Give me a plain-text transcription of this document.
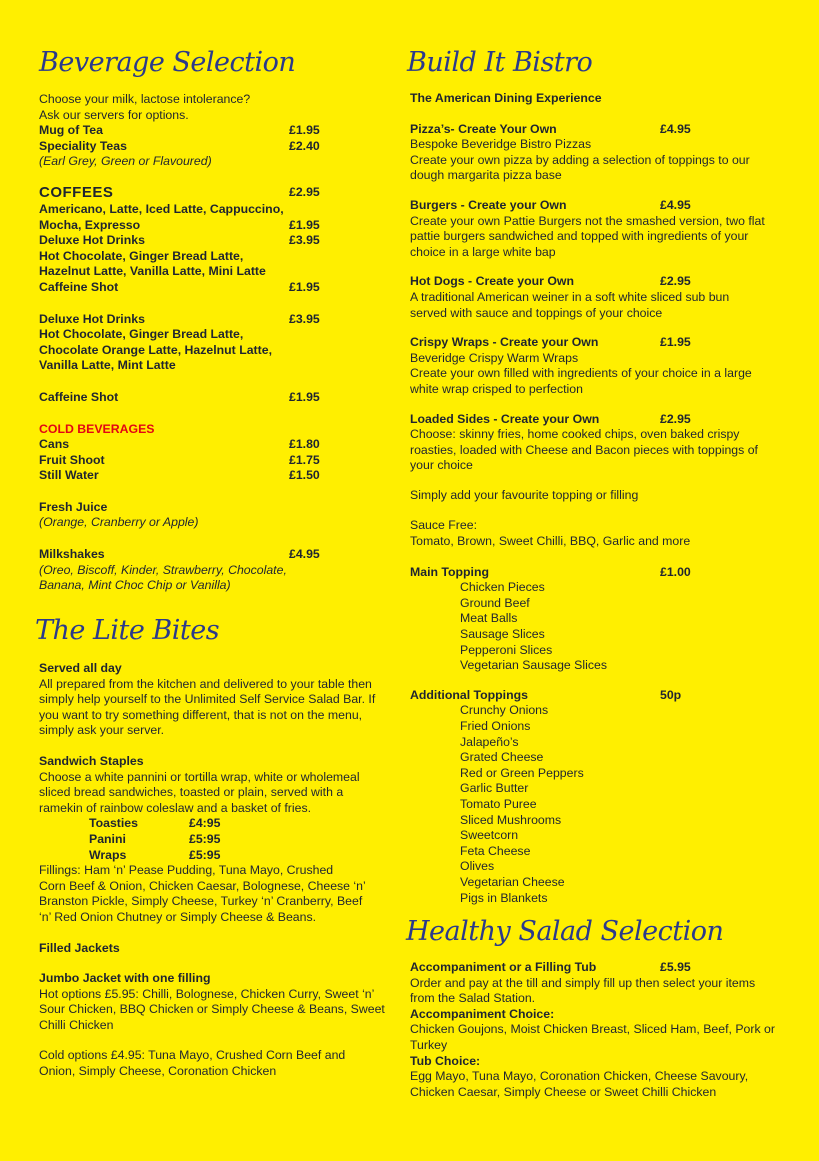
Beverage Selection
Choose your milk, lactose intolerance?
Ask our servers for options.
Mug of Tea	£1.95
Speciality Teas	£2.40
(Earl Grey, Green or Flavoured)
COFFEES	£2.95
Americano, Latte, Iced Latte, Cappuccino,
Mocha, Expresso	£1.95
Deluxe Hot Drinks	£3.95
Hot Chocolate, Ginger Bread Latte,
Hazelnut Latte, Vanilla Latte, Mini Latte
Caffeine Shot	£1.95
Deluxe Hot Drinks	£3.95
Hot Chocolate, Ginger Bread Latte,
Chocolate Orange Latte, Hazelnut Latte,
Vanilla Latte, Mint Latte
Caffeine Shot	£1.95
COLD BEVERAGES
Cans	£1.80
Fruit Shoot	£1.75
Still Water	£1.50
Fresh Juice
(Orange, Cranberry or Apple)
Milkshakes	£4.95
(Oreo, Biscoff, Kinder, Strawberry, Chocolate,
Banana, Mint Choc Chip or Vanilla)
The Lite Bites
Served all day
All prepared from the kitchen and delivered to your table then simply help yourself to the Unlimited Self Service Salad Bar. If you want to try something different, that is not on the menu, simply ask your server.
Sandwich Staples
Choose a white pannini or tortilla wrap, white or wholemeal sliced bread sandwiches, toasted or plain, served with a ramekin of rainbow coleslaw and a basket of fries.
Toasties	£4:95
Panini	£5:95
Wraps	£5:95
Fillings: Ham ‘n’ Pease Pudding, Tuna Mayo, Crushed
Corn Beef & Onion, Chicken Caesar, Bolognese, Cheese ‘n’
Branston Pickle, Simply Cheese, Turkey ‘n’ Cranberry, Beef
‘n’ Red Onion Chutney or Simply Cheese & Beans.
Filled Jackets
Jumbo Jacket with one filling
Hot options £5.95: Chilli, Bolognese, Chicken Curry, Sweet ‘n’
Sour Chicken, BBQ Chicken or Simply Cheese & Beans, Sweet
Chilli Chicken
Cold options £4.95: Tuna Mayo, Crushed Corn Beef and
Onion, Simply Cheese, Coronation Chicken
Build It Bistro
The American Dining Experience
Pizza’s- Create Your Own	£4.95
Bespoke Beveridge Bistro Pizzas
Create your own pizza by adding a selection of toppings to our
dough margarita pizza base
Burgers - Create your Own	£4.95
Create your own Pattie Burgers not the smashed version, two flat
pattie burgers sandwiched and topped with ingredients of your
choice in a large white bap
Hot Dogs - Create your Own	£2.95
A traditional American weiner in a soft white sliced sub bun
served with sauce and toppings of your choice
Crispy Wraps - Create your Own	£1.95
Beveridge Crispy Warm Wraps
Create your own filled with ingredients of your choice in a large
white wrap crisped to perfection
Loaded Sides - Create your Own	£2.95
Choose: skinny fries, home cooked chips, oven baked crispy
roasties, loaded with Cheese and Bacon pieces with toppings of
your choice
Simply add your favourite topping or filling
Sauce Free:
Tomato, Brown, Sweet Chilli, BBQ, Garlic and more
Main Topping	£1.00
Chicken Pieces
Ground Beef
Meat Balls
Sausage Slices
Pepperoni Slices
Vegetarian Sausage Slices
Additional Toppings	50p
Crunchy Onions
Fried Onions
Jalapeño’s
Grated Cheese
Red or Green Peppers
Garlic Butter
Tomato Puree
Sliced Mushrooms
Sweetcorn
Feta Cheese
Olives
Vegetarian Cheese
Pigs in Blankets
Healthy Salad Selection
Accompaniment or a Filling Tub	£5.95
Order and pay at the till and simply fill up then select your items
from the Salad Station.
Accompaniment Choice:
Chicken Goujons, Moist Chicken Breast, Sliced Ham, Beef, Pork or
Turkey
Tub Choice:
Egg Mayo, Tuna Mayo, Coronation Chicken, Cheese Savoury,
Chicken Caesar, Simply Cheese or Sweet Chilli Chicken
